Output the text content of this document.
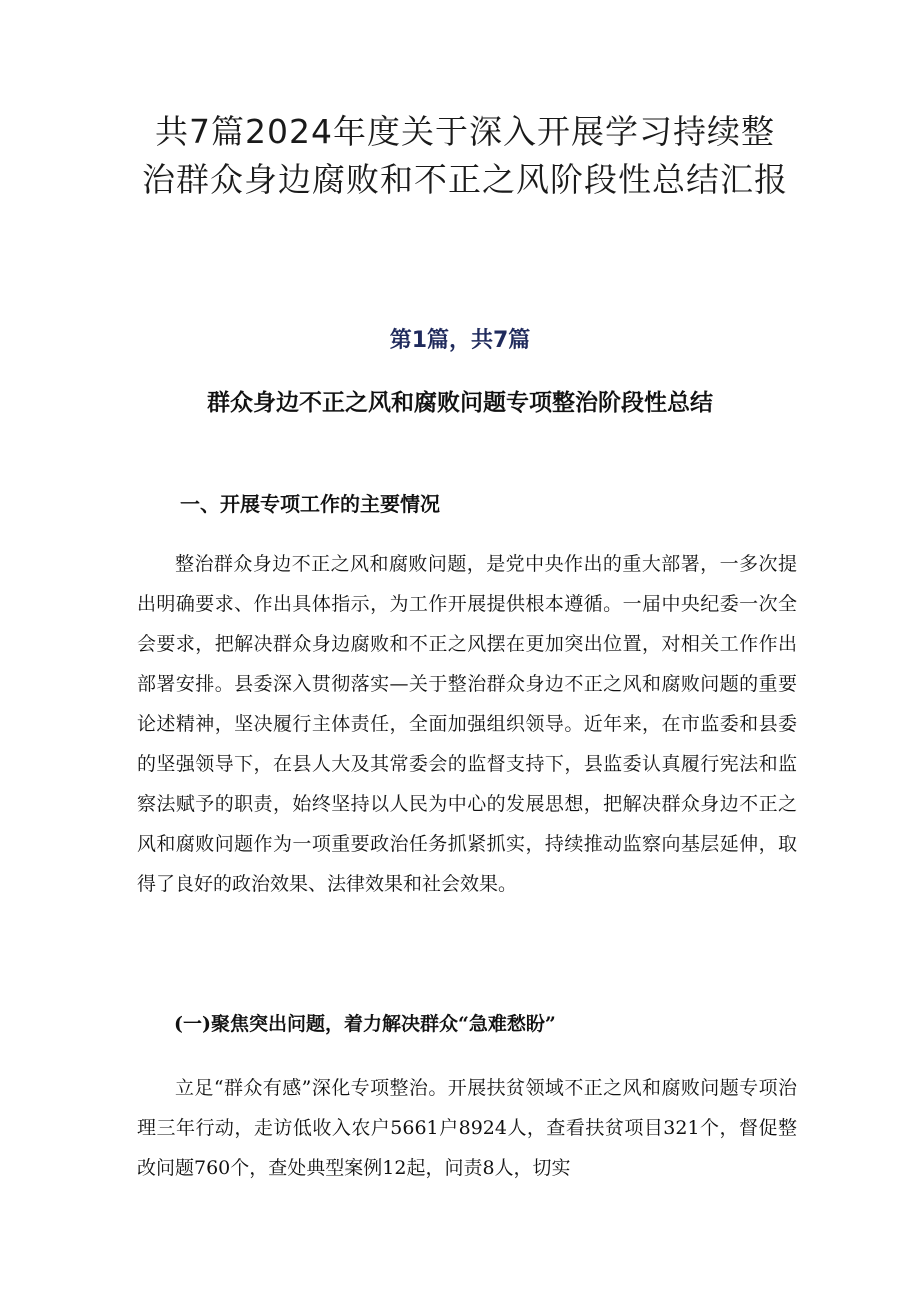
共7篇2024年度关于深入开展学习持续整治群众身边腐败和不正之风阶段性总结汇报
第1篇，共7篇
群众身边不正之风和腐败问题专项整治阶段性总结
一、开展专项工作的主要情况

整治群众身边不正之风和腐败问题，是党中央作出的重大部署，一多次提出明确要求、作出具体指示，为工作开展提供根本遵循。一届中央纪委一次全会要求，把解决群众身边腐败和不正之风摆在更加突出位置，对相关工作作出部署安排。县委深入贯彻落实—关于整治群众身边不正之风和腐败问题的重要论述精神，坚决履行主体责任，全面加强组织领导。近年来，在市监委和县委的坚强领导下，在县人大及其常委会的监督支持下，县监委认真履行宪法和监察法赋予的职责，始终坚持以人民为中心的发展思想，把解决群众身边不正之风和腐败问题作为一项重要政治任务抓紧抓实，持续推动监察向基层延伸，取得了良好的政治效果、法律效果和社会效果。

(一)聚焦突出问题，着力解决群众“急难愁盼”

立足“群众有感”深化专项整治。开展扶贫领域不正之风和腐败问题专项治理三年行动，走访低收入农户5661户8924人，查看扶贫项目321个，督促整改问题760个，查处典型案例12起，问责8人，切实
